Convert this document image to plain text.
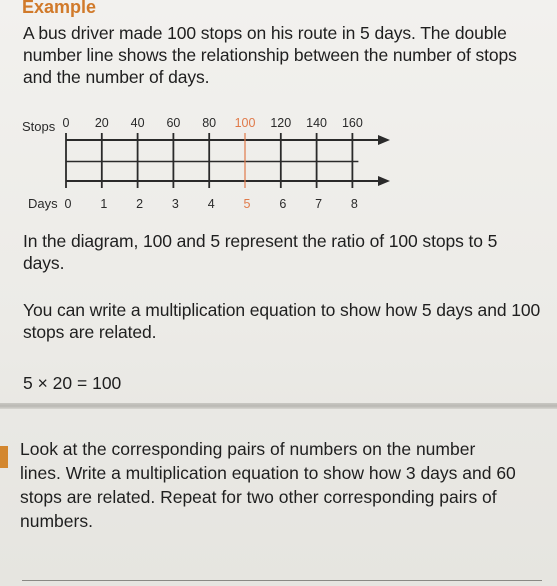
Example
A bus driver made 100 stops on his route in 5 days. The double number line shows the relationship between the number of stops and the number of days.
Stops
Days
0 20 40 60 80 100 120 140 160
0 1 2 3 4 5 6 7 8
In the diagram, 100 and 5 represent the ratio of 100 stops to 5 days.
You can write a multiplication equation to show how 5 days and 100 stops are related.
5 × 20 = 100
Look at the corresponding pairs of numbers on the number lines. Write a multiplication equation to show how 3 days and 60 stops are related. Repeat for two other corresponding pairs of numbers.
